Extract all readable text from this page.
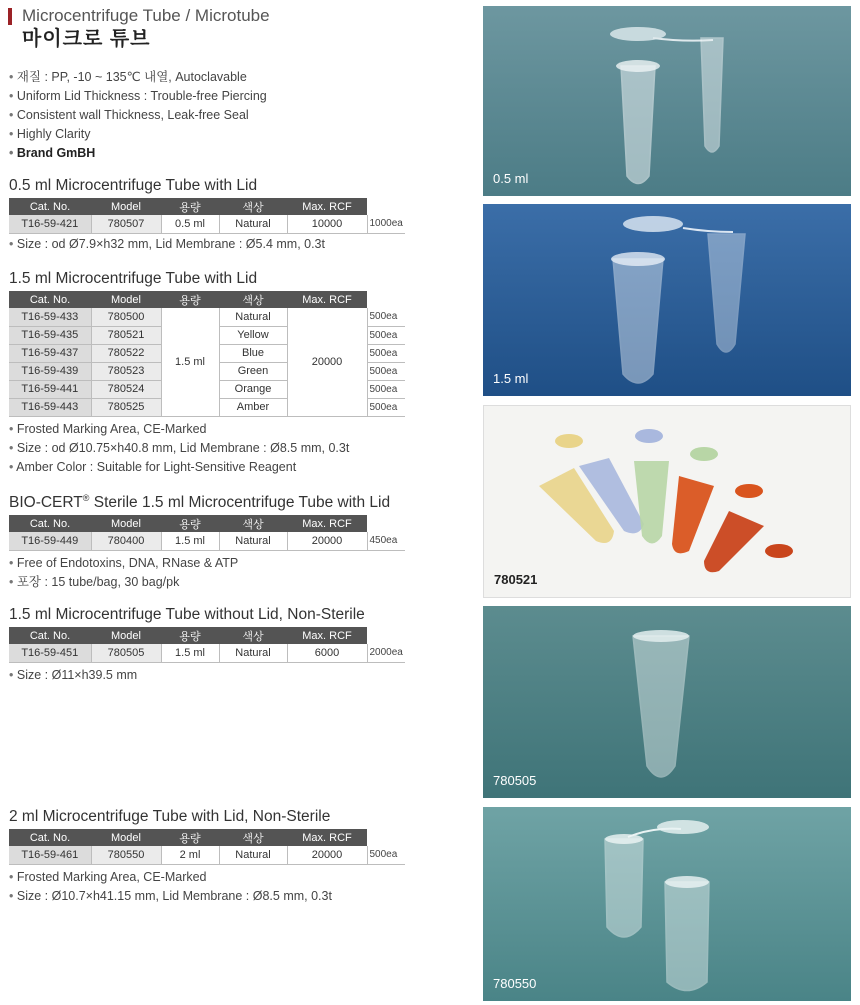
Microcentrifuge Tube / Microtube
마이크로 튜브
• 재질 : PP, -10 ~ 135℃ 내열, Autoclavable
• Uniform Lid Thickness : Trouble-free Piercing
• Consistent wall Thickness, Leak-free Seal
• Highly Clarity
• Brand GmBH
0.5 ml Microcentrifuge Tube with Lid
Cat. No.	Model	용량	색상	Max. RCF	
T16-59-421	780507	0.5 ml	Natural	10000	1000ea
• Size : od Ø7.9×h32 mm, Lid Membrane : Ø5.4 mm, 0.3t
1.5 ml Microcentrifuge Tube with Lid
Cat. No.	Model	용량	색상	Max. RCF	
T16-59-433	780500	1.5 ml	Natural	20000	500ea
T16-59-435	780521		Yellow		500ea
T16-59-437	780522		Blue		500ea
T16-59-439	780523		Green		500ea
T16-59-441	780524		Orange		500ea
T16-59-443	780525		Amber		500ea
• Frosted Marking Area, CE-Marked
• Size : od Ø10.75×h40.8 mm, Lid Membrane : Ø8.5 mm, 0.3t
• Amber Color : Suitable for Light-Sensitive Reagent
BIO-CERT® Sterile 1.5 ml Microcentrifuge Tube with Lid
Cat. No.	Model	용량	색상	Max. RCF	
T16-59-449	780400	1.5 ml	Natural	20000	450ea
• Free of Endotoxins, DNA, RNase & ATP
• 포장 : 15 tube/bag, 30 bag/pk
1.5 ml Microcentrifuge Tube without Lid, Non-Sterile
Cat. No.	Model	용량	색상	Max. RCF	
T16-59-451	780505	1.5 ml	Natural	6000	2000ea
• Size : Ø11×h39.5 mm
2 ml Microcentrifuge Tube with Lid, Non-Sterile
Cat. No.	Model	용량	색상	Max. RCF	
T16-59-461	780550	2 ml	Natural	20000	500ea
• Frosted Marking Area, CE-Marked
• Size : Ø10.7×h41.15 mm, Lid Membrane : Ø8.5 mm, 0.3t
0.5 ml
1.5 ml
780521
780505
780550
